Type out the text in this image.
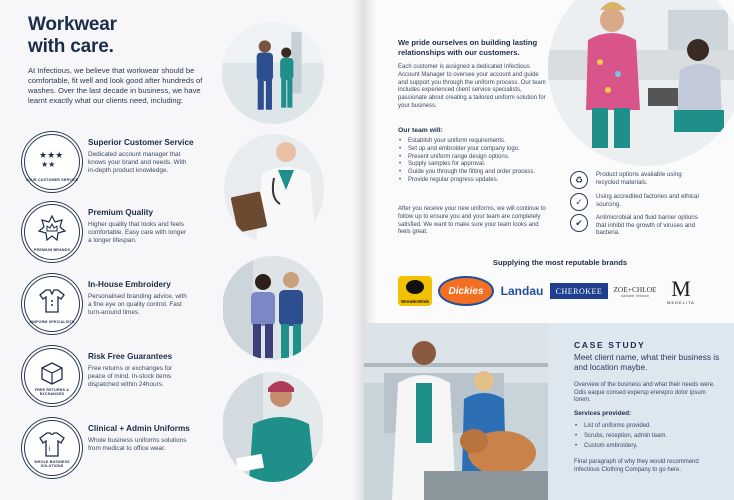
Workwear
with care.
At Infectious, we believe that workwear should be comfortable, fit well and look good after hundreds of washes. Over the last decade in business, we have learnt exactly what our clients need, including:
★★★
★★
YOUR CUSTOMER SERVICE
Superior Customer Service
Dedicated account manager that knows your brand and needs. With in-depth product knowledge.
PREMIUM BRANDS
Premium Quality
Higher quality that looks and feels comfortable. Easy care with longer a longer lifespan.
UNIFORM SPECIALISTS
In-House Embroidery
Personalised branding advice, with a fine eye on quality control. Fast turn-around times.
FREE RETURNS & EXCHANGES
Risk Free Guarantees
Free returns or exchanges for peace of mind. In-stock items dispatched within 24hours.
i
WHOLE BUSINESS SOLUTIONS
Clinical + Admin Uniforms
Whole business uniforms solutions from medical to office wear.
We pride ourselves on building lasting relationships with our customers.
Each customer is assigned a dedicated Infectious Account Manager to oversee your account and guide and support you through the uniform process. Our team includes experienced client service specialists, passionate about creating a tailored uniform solution for your business.
Our team will:
• Establish your uniform requirements.
• Set up and embroider your company logo.
• Present uniform range design options.
• Supply samples for approval.
• Guide you through the fitting and order process.
• Provide regular progress updates.
After you receive your new uniforms, we will continue to follow up to ensure you and your team are completely satisfied. We want to make sure your team looks and feels great.
♻
Product options available using recycled materials.
✓
Using accredited factories and ethical sourcing.
✔
Antimicrobial and fluid barrier options that inhibit the growth of viruses and bacteria.
Supplying the most reputable brands
WonderWink
Dickies Landau CHEROKEE ZOE+CHLOE
Adelaide, Mitcham M
MEDELITA
CASE STUDY
Meet client name, what their business is and location maybe.
Overview of the business and what their needs were. Odis eaque consed expersp ererepro dolor ipsum lorem.
Services provided:
• List of uniforms provided.
• Scrubs, reception, admin team.
• Custom embroidery.
Final paragraph of why they would recommend Infectious Clothing Company to go here.
